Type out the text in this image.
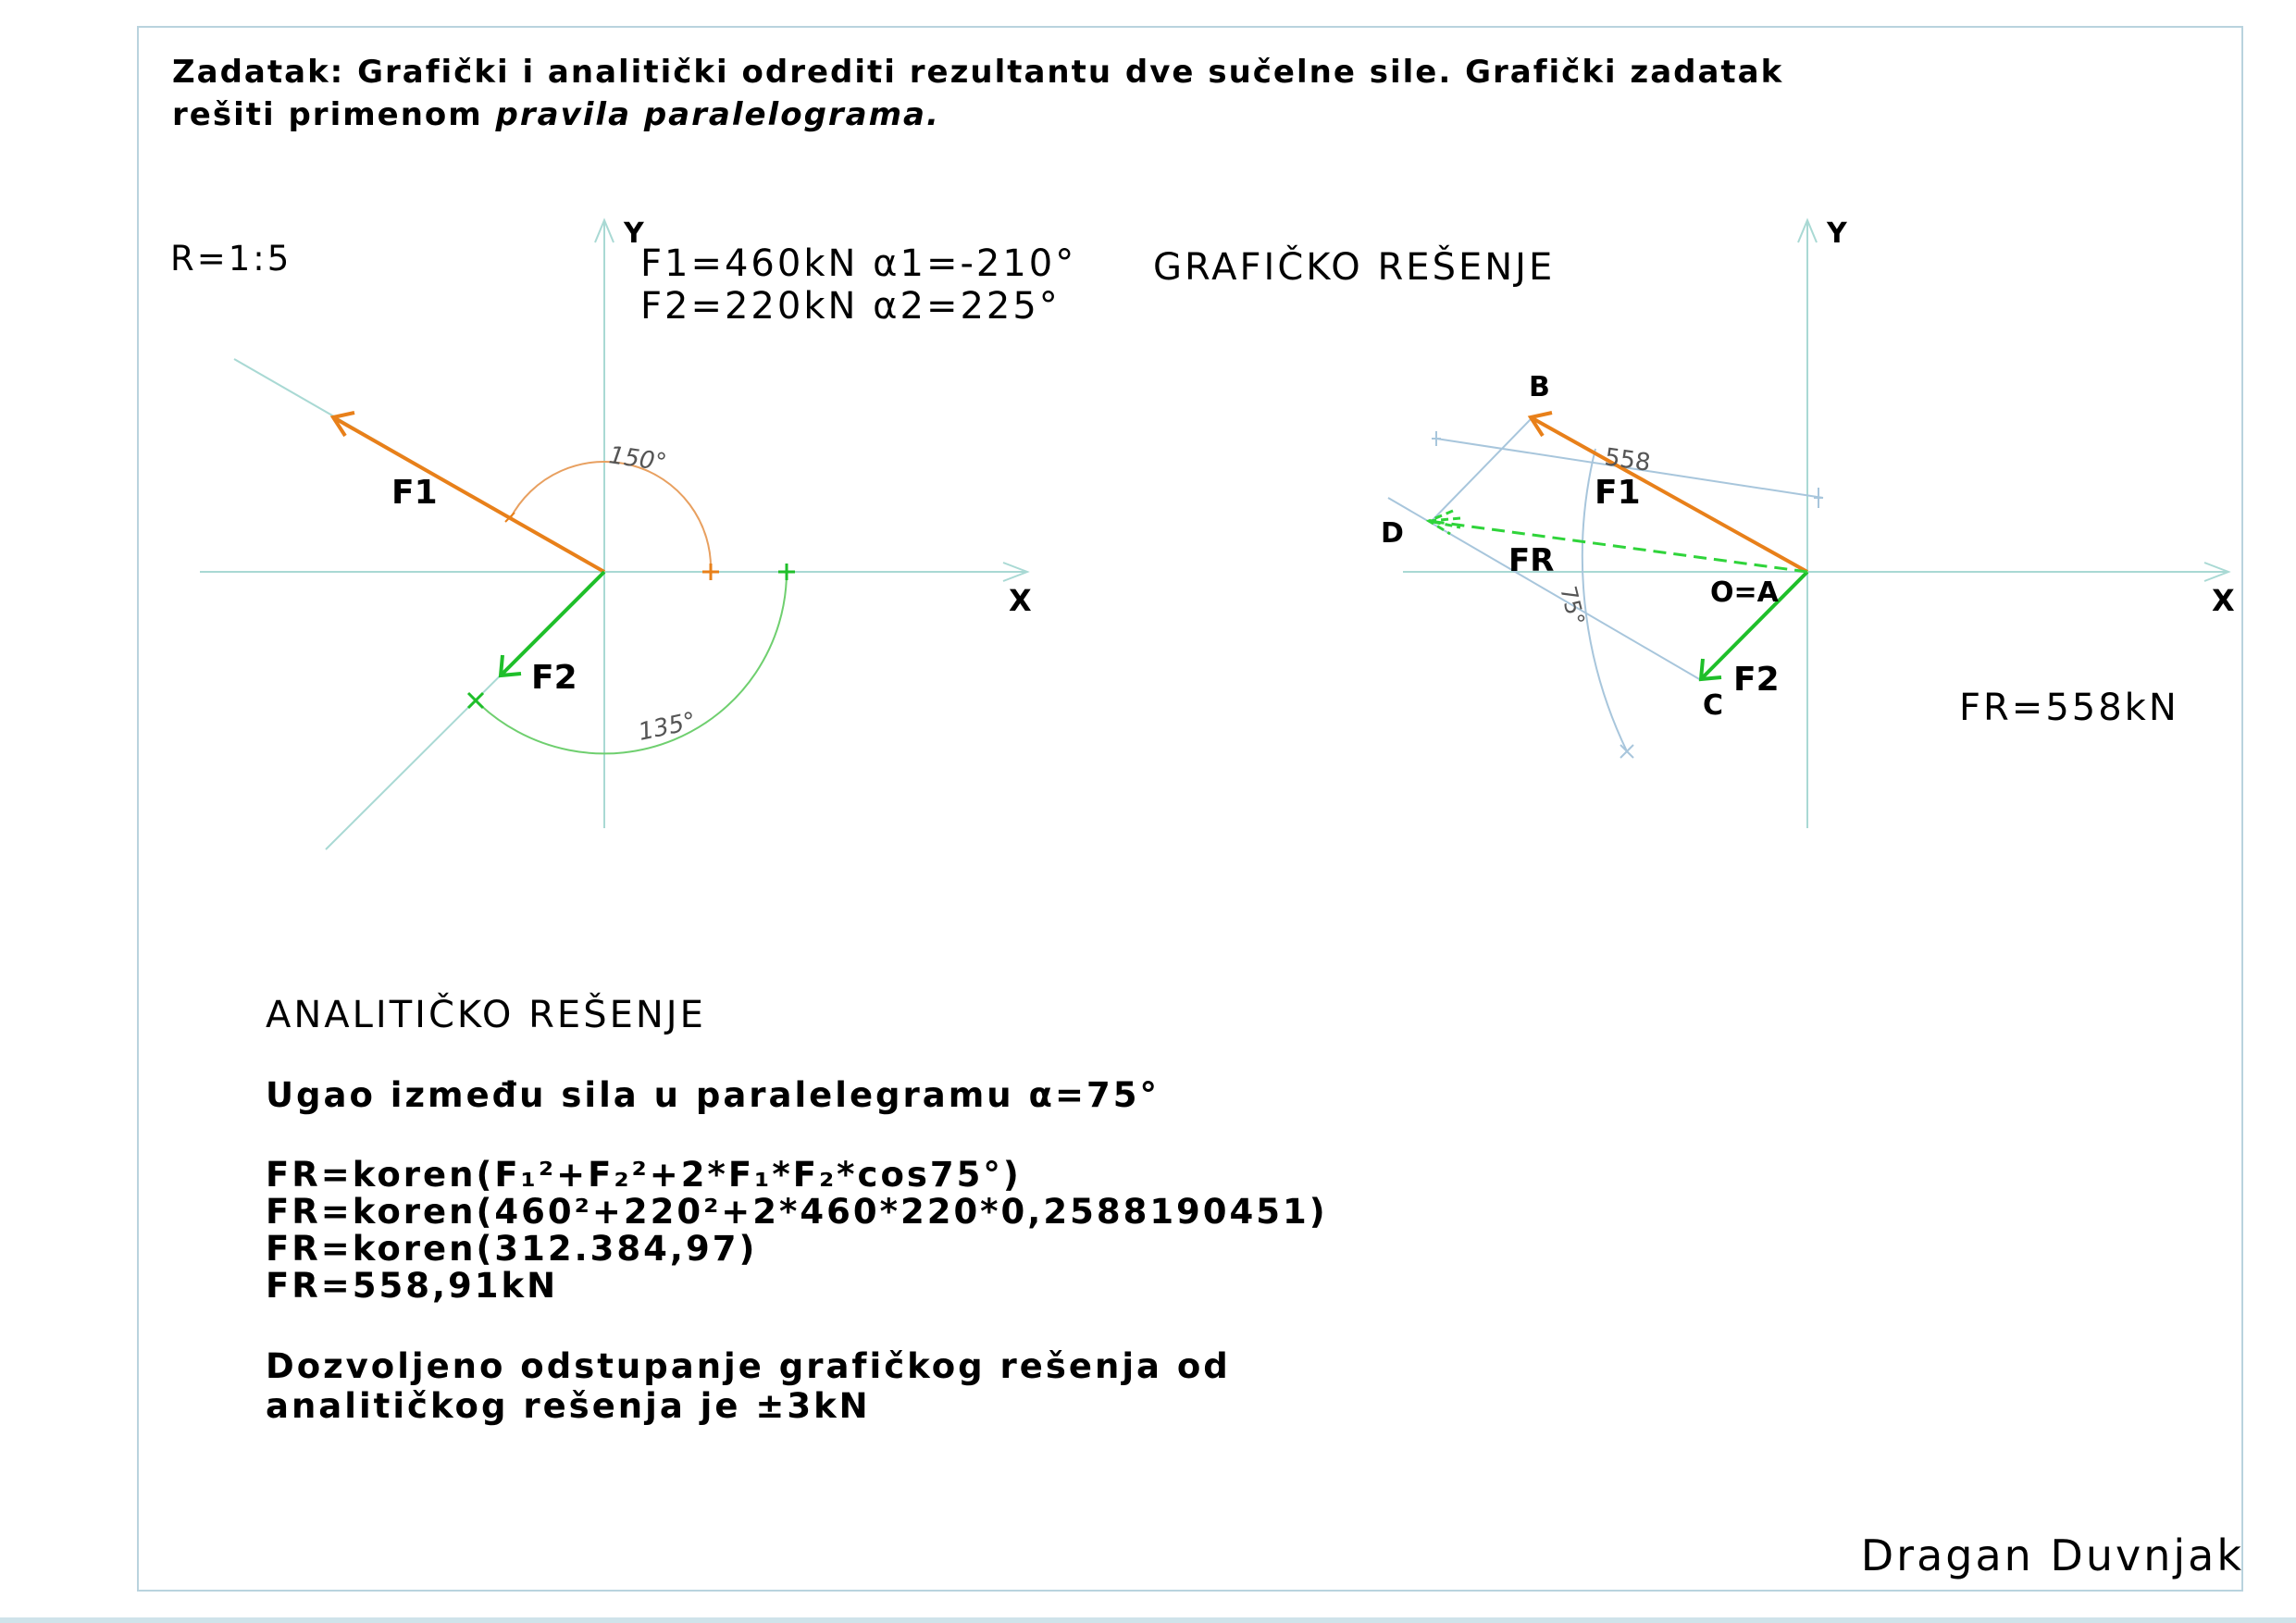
Zadatak: Grafički i analitički odrediti rezultantu dve sučelne sile. Grafički zadatak
rešiti primenom pravila paralelograma.
R=1:5	F1=460kN α1=-210°
F2=220kN α2=225°
GRAFIČKO REŠENJE
Y
X
F1
F2
150°
135°
Y
X
B
C
D
O=A
F1
F2
FR
558
75°
FR=558kN
ANALITIČKO REŠENJE
Ugao između sila u paralelegramu α=75°
FR=koren(F₁²+F₂²+2*F₁*F₂*cos75°)
FR=koren(460²+220²+2*460*220*0,2588190451)
FR=koren(312.384,97)
FR=558,91kN
Dozvoljeno odstupanje grafičkog rešenja od
analitičkog rešenja je ±3kN
Dragan Duvnjak
